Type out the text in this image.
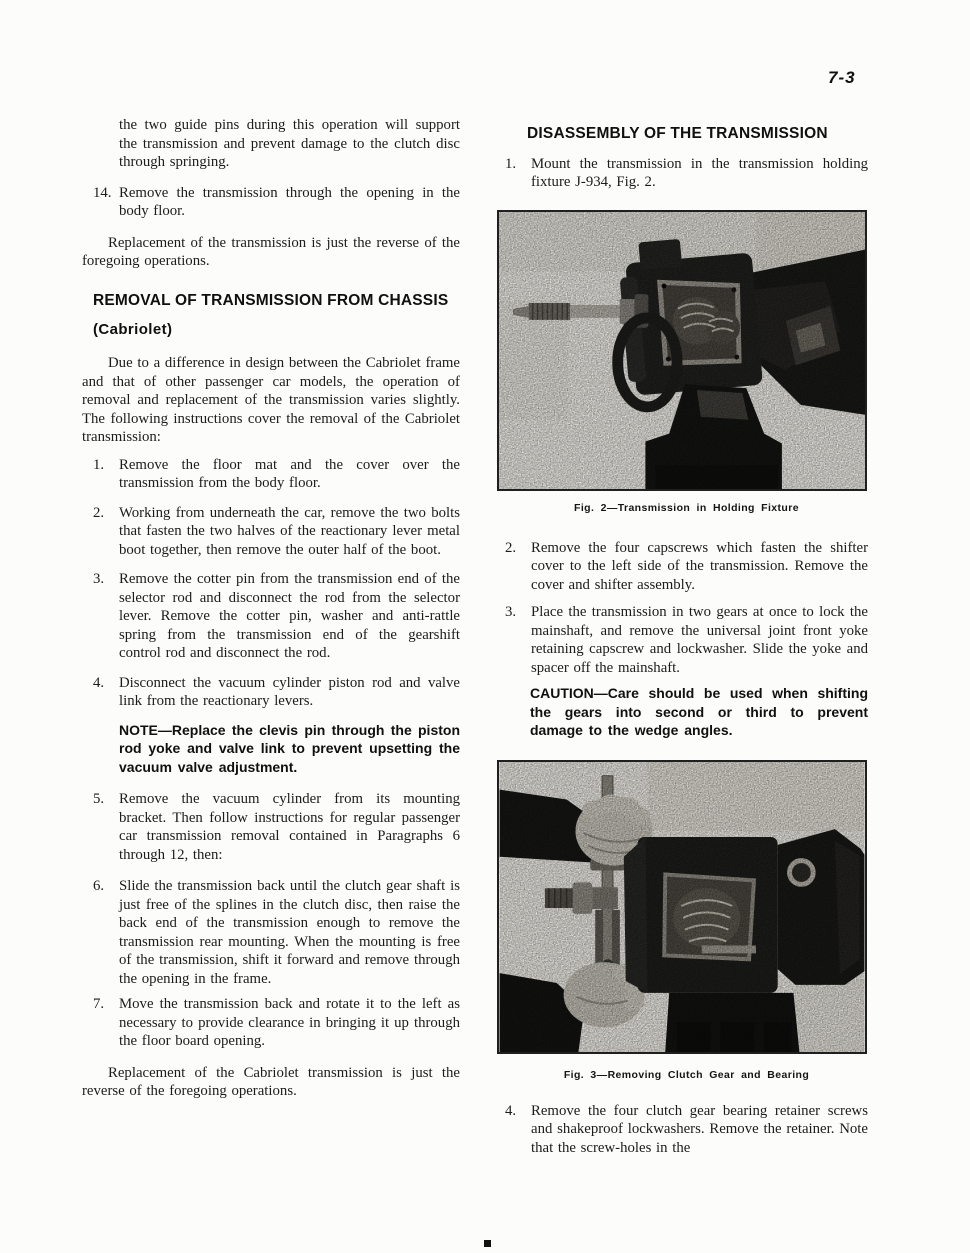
7-3

the two guide pins during this operation will support the transmission and prevent damage to the clutch disc through springing.

14. Remove the transmission through the opening in the body floor.

Replacement of the transmission is just the reverse of the foregoing operations.

REMOVAL OF TRANSMISSION FROM CHASSIS
(Cabriolet)

Due to a difference in design between the Cabriolet frame and that of other passenger car models, the operation of removal and replacement of the transmission varies slightly. The following instructions cover the removal of the Cabriolet transmission:

1. Remove the floor mat and the cover over the transmission from the body floor.
2. Working from underneath the car, remove the two bolts that fasten the two halves of the reactionary lever metal boot together, then remove the outer half of the boot.
3. Remove the cotter pin from the transmission end of the selector rod and disconnect the rod from the selector lever. Remove the cotter pin, washer and anti-rattle spring from the transmission end of the gearshift control rod and disconnect the rod.
4. Disconnect the vacuum cylinder piston rod and valve link from the reactionary levers.

NOTE—Replace the clevis pin through the piston rod yoke and valve link to prevent upsetting the vacuum valve adjustment.

5. Remove the vacuum cylinder from its mounting bracket. Then follow instructions for regular passenger car transmission removal contained in Paragraphs 6 through 12, then:
6. Slide the transmission back until the clutch gear shaft is just free of the splines in the clutch disc, then raise the back end of the transmission enough to remove the transmission rear mounting. When the mounting is free of the transmission, shift it forward and remove through the opening in the frame.
7. Move the transmission back and rotate it to the left as necessary to provide clearance in bringing it up through the floor board opening.

Replacement of the Cabriolet transmission is just the reverse of the foregoing operations.

DISASSEMBLY OF THE TRANSMISSION
1. Mount the transmission in the transmission holding fixture J-934, Fig. 2.
Fig. 2—Transmission in Holding Fixture
2. Remove the four capscrews which fasten the shifter cover to the left side of the transmission. Remove the cover and shifter assembly.
3. Place the transmission in two gears at once to lock the mainshaft, and remove the universal joint front yoke retaining capscrew and lockwasher. Slide the yoke and spacer off the mainshaft.

CAUTION—Care should be used when shifting the gears into second or third to prevent damage to the wedge angles.

Fig. 3—Removing Clutch Gear and Bearing
4. Remove the four clutch gear bearing retainer screws and shakeproof lockwashers. Remove the retainer. Note that the screw-holes in the
